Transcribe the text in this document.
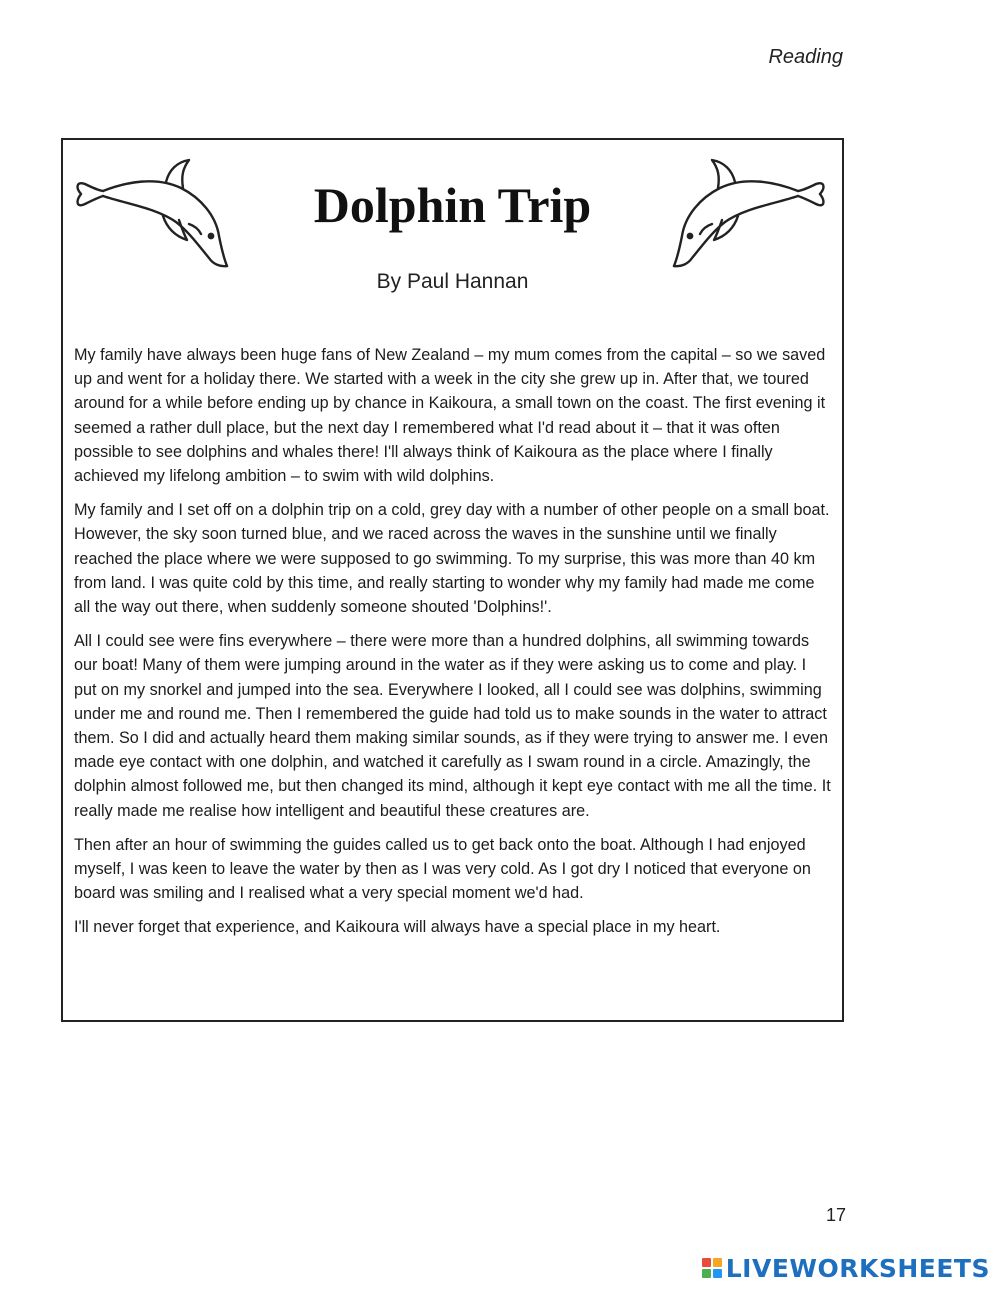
Reading
Dolphin Trip
By Paul Hannan

My family have always been huge fans of New Zealand – my mum comes from the capital – so we saved up and went for a holiday there. We started with a week in the city she grew up in. After that, we toured around for a while before ending up by chance in Kaikoura, a small town on the coast. The first evening it seemed a rather dull place, but the next day I remembered what I'd read about it – that it was often possible to see dolphins and whales there! I'll always think of Kaikoura as the place where I finally achieved my lifelong ambition – to swim with wild dolphins.

My family and I set off on a dolphin trip on a cold, grey day with a number of other people on a small boat. However, the sky soon turned blue, and we raced across the waves in the sunshine until we finally reached the place where we were supposed to go swimming. To my surprise, this was more than 40 km from land. I was quite cold by this time, and really starting to wonder why my family had made me come all the way out there, when suddenly someone shouted 'Dolphins!'.

All I could see were fins everywhere – there were more than a hundred dolphins, all swimming towards our boat! Many of them were jumping around in the water as if they were asking us to come and play. I put on my snorkel and jumped into the sea. Everywhere I looked, all I could see was dolphins, swimming under me and round me. Then I remembered the guide had told us to make sounds in the water to attract them. So I did and actually heard them making similar sounds, as if they were trying to answer me. I even made eye contact with one dolphin, and watched it carefully as I swam round in a circle. Amazingly, the dolphin almost followed me, but then changed its mind, although it kept eye contact with me all the time. It really made me realise how intelligent and beautiful these creatures are.

Then after an hour of swimming the guides called us to get back onto the boat. Although I had enjoyed myself, I was keen to leave the water by then as I was very cold. As I got dry I noticed that everyone on board was smiling and I realised what a very special moment we'd had.

I'll never forget that experience, and Kaikoura will always have a special place in my heart.

17
LIVEWORKSHEETS
